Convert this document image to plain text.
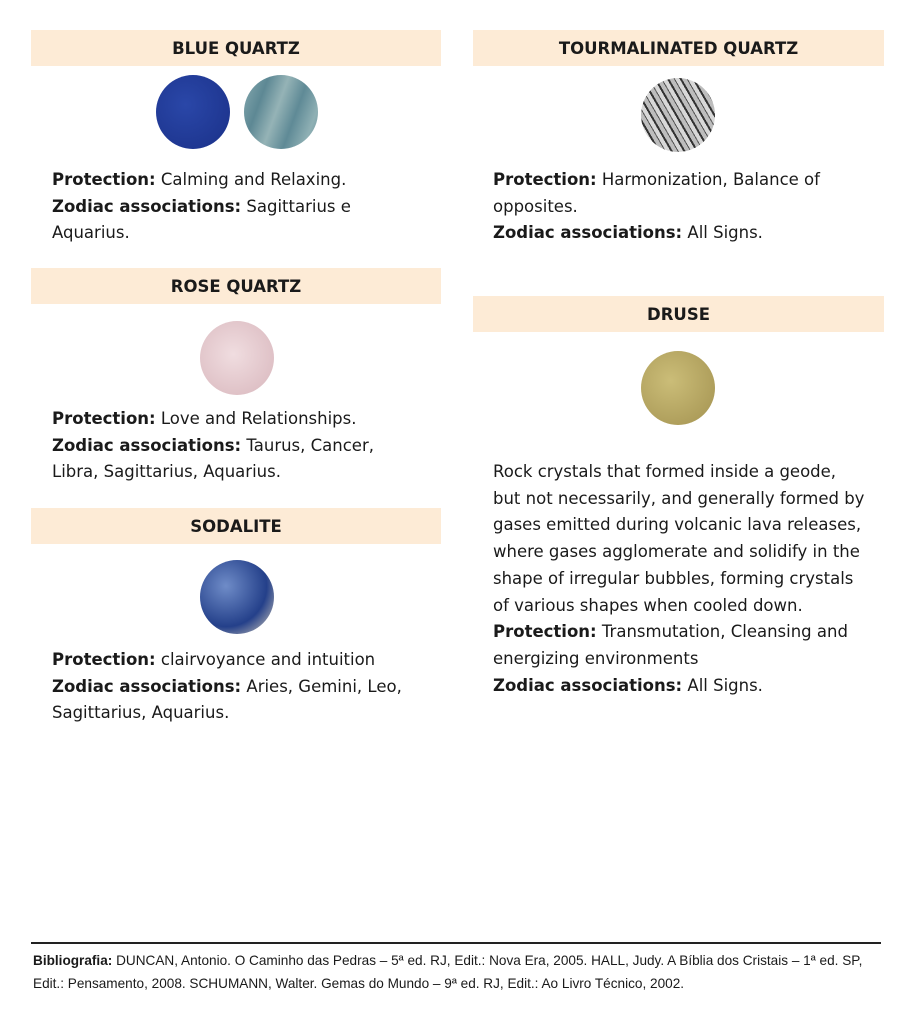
BLUE QUARTZ
Protection: Calming and Relaxing.
Zodiac associations: Sagittarius e Aquarius.
ROSE QUARTZ
Protection: Love and Relationships.
Zodiac associations: Taurus, Cancer, Libra, Sagittarius, Aquarius.
SODALITE
Protection: clairvoyance and intuition
Zodiac associations: Aries, Gemini, Leo, Sagittarius, Aquarius.
TOURMALINATED QUARTZ
Protection: Harmonization, Balance of opposites.
Zodiac associations: All Signs.
DRUSE
Rock crystals that formed inside a geode, but not necessarily, and generally formed by gases emitted during volcanic lava releases, where gases agglomerate and solidify in the shape of irregular bubbles, forming crystals of various shapes when cooled down.
Protection: Transmutation, Cleansing and energizing environments
Zodiac associations: All Signs.
Bibliografia: DUNCAN, Antonio. O Caminho das Pedras – 5ª ed. RJ, Edit.: Nova Era, 2005. HALL, Judy. A Bíblia dos Cristais – 1ª ed. SP, Edit.: Pensamento, 2008. SCHUMANN, Walter. Gemas do Mundo – 9ª ed. RJ, Edit.: Ao Livro Técnico, 2002.
